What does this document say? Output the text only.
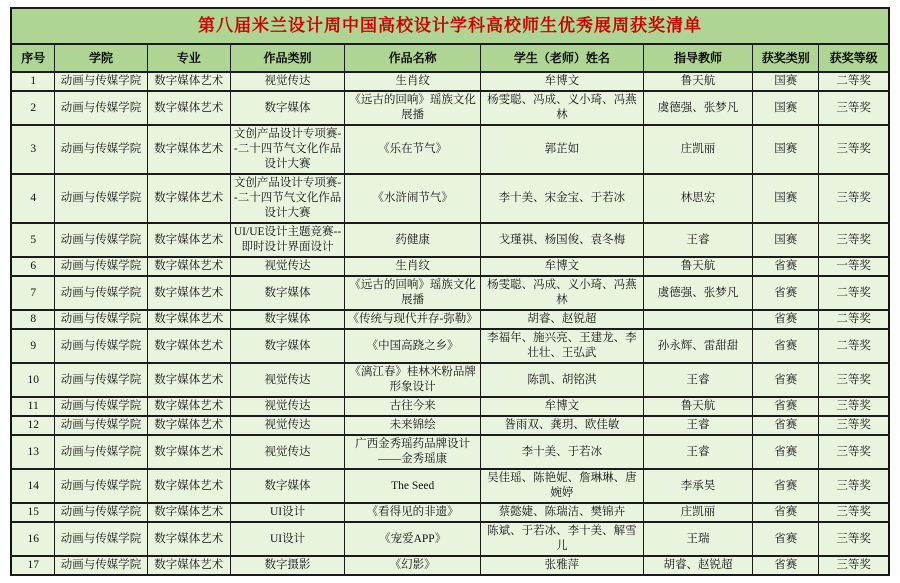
第八届米兰设计周中国高校设计学科高校师生优秀展周获奖清单								
序号	学院	专业	作品类别	作品名称	学生（老师）姓名	指导教师	获奖类别	获奖等级
1	动画与传媒学院	数字媒体艺术	视觉传达	生肖纹	牟博文	鲁天航	国赛	二等奖
2	动画与传媒学院	数字媒体艺术	数字媒体	《远古的回响》瑶族文化展播	杨雯聪、冯成、义小琦、冯燕林	虞德强、张梦凡	国赛	三等奖
3	动画与传媒学院	数字媒体艺术	文创产品设计专项赛--二十四节气文化作品设计大赛	《乐在节气》	郭芷如	庄凯丽	国赛	三等奖
4	动画与传媒学院	数字媒体艺术	文创产品设计专项赛--二十四节气文化作品设计大赛	《水浒闹节气》	李十美、宋金宝、于若冰	林思宏	国赛	三等奖
5	动画与传媒学院	数字媒体艺术	UI/UE设计主题竞赛--即时设计界面设计	药健康	戈瑾祺、杨国俊、袁冬梅	王睿	国赛	三等奖
6	动画与传媒学院	数字媒体艺术	视觉传达	生肖纹	牟博文	鲁天航	省赛	一等奖
7	动画与传媒学院	数字媒体艺术	数字媒体	《远古的回响》瑶族文化展播	杨雯聪、冯成、义小琦、冯燕林	虞德强、张梦凡	省赛	二等奖
8	动画与传媒学院	数字媒体艺术	数字媒体	《传统与现代并存-弥勒》	胡睿、赵锐超		省赛	二等奖
9	动画与传媒学院	数字媒体艺术	数字媒体	《中国高跷之乡》	李福年、施兴亮、王建龙、李壮壮、王弘武	孙永辉、雷甜甜	省赛	二等奖
10	动画与传媒学院	数字媒体艺术	视觉传达	《漓江春》桂林米粉品牌形象设计	陈凯、胡铭淇	王睿	省赛	三等奖
11	动画与传媒学院	数字媒体艺术	视觉传达	古往今来	牟博文	鲁天航	省赛	三等奖
12	动画与传媒学院	数字媒体艺术	视觉传达	未来锦绘	昝雨双、龚玥、欧佳敏	王睿	省赛	三等奖
13	动画与传媒学院	数字媒体艺术	视觉传达	广西金秀瑶药品牌设计——金秀瑶康	李十美、于若冰	王睿	省赛	三等奖
14	动画与传媒学院	数字媒体艺术	数字媒体	The Seed	吴佳瑶、陈艳妮、詹琳琳、唐婉婷	李承昊	省赛	三等奖
15	动画与传媒学院	数字媒体艺术	UI设计	《看得见的非遗》	蔡懿婕、陈瑞洁、樊锦卉	庄凯丽	省赛	三等奖
16	动画与传媒学院	数字媒体艺术	UI设计	《宠爱APP》	陈斌、于若冰、李十美、解雪儿	王瑞	省赛	三等奖
17	动画与传媒学院	数字媒体艺术	数字摄影	《幻影》	张雅萍	胡睿、赵锐超	省赛	三等奖
